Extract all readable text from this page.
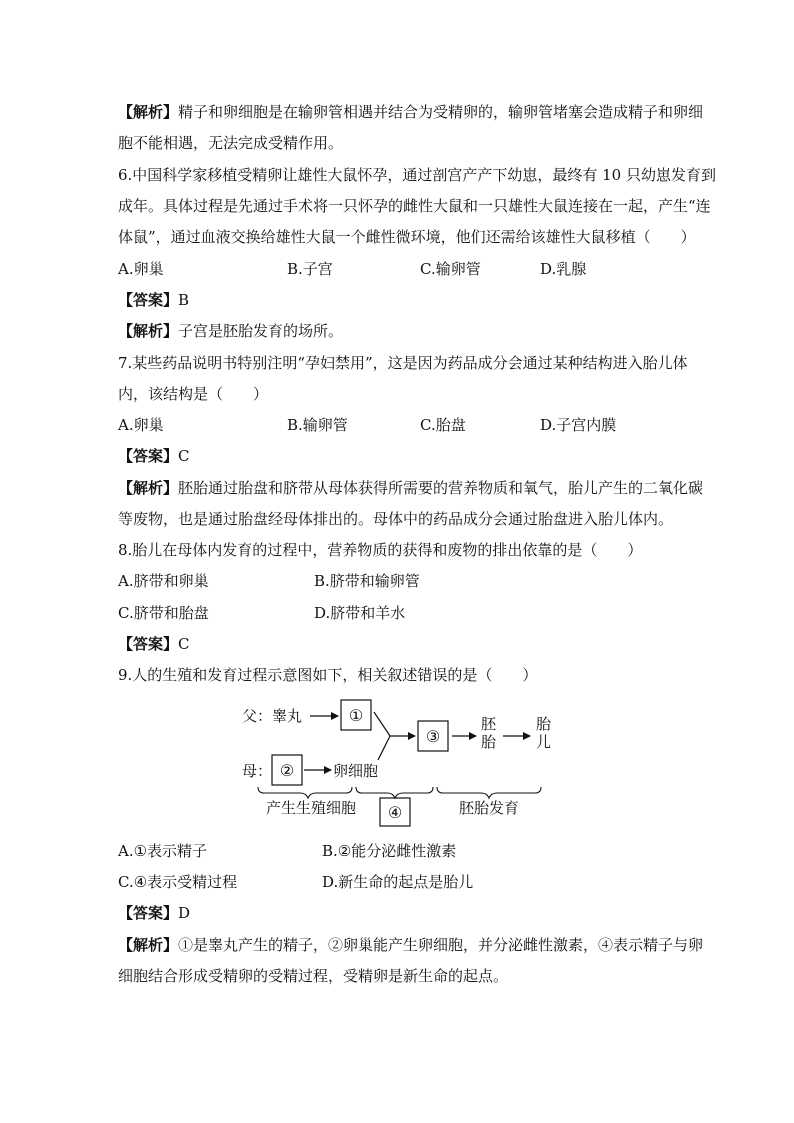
【解析】精子和卵细胞是在输卵管相遇并结合为受精卵的，输卵管堵塞会造成精子和卵细
胞不能相遇，无法完成受精作用。
6.中国科学家移植受精卵让雄性大鼠怀孕，通过剖宫产产下幼崽，最终有 10 只幼崽发育到
成年。具体过程是先通过手术将一只怀孕的雌性大鼠和一只雄性大鼠连接在一起，产生“连
体鼠”，通过血液交换给雄性大鼠一个雌性微环境，他们还需给该雄性大鼠移植（　　）
A.卵巢	B.子宫	C.输卵管	D.乳腺
【答案】B
【解析】子宫是胚胎发育的场所。
7.某些药品说明书特别注明“孕妇禁用”，这是因为药品成分会通过某种结构进入胎儿体
内，该结构是（　　）
A.卵巢	B.输卵管	C.胎盘	D.子宫内膜
【答案】C
【解析】胚胎通过胎盘和脐带从母体获得所需要的营养物质和氧气，胎儿产生的二氧化碳
等废物，也是通过胎盘经母体排出的。母体中的药品成分会通过胎盘进入胎儿体内。
8.胎儿在母体内发育的过程中，营养物质的获得和废物的排出依靠的是（　　）
A.脐带和卵巢	B.脐带和输卵管
C.脐带和胎盘	D.脐带和羊水
【答案】C
9.人的生殖和发育过程示意图如下，相关叙述错误的是（　　）
父： 睾丸	①
母： ②	卵细胞
③
胚
胎
胎
儿
产生生殖细胞 ④	胚胎发育
A.①表示精子	B.②能分泌雌性激素
C.④表示受精过程	D.新生命的起点是胎儿
【答案】D
【解析】①是睾丸产生的精子，②卵巢能产生卵细胞，并分泌雌性激素，④表示精子与卵
细胞结合形成受精卵的受精过程，受精卵是新生命的起点。
